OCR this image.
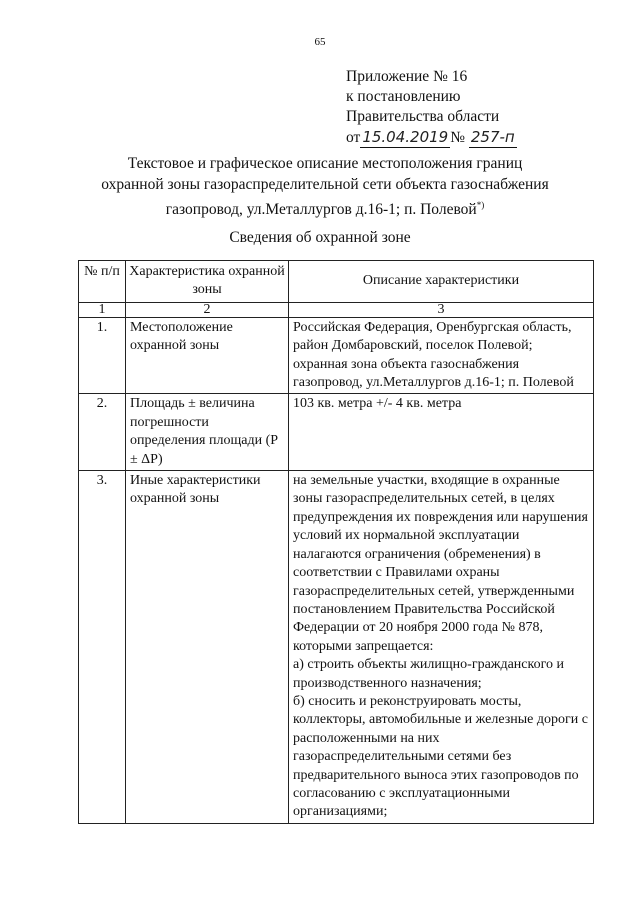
65
Приложение № 16
к постановлению
Правительства области
от 15.04.2019 № 257-п
Текстовое и графическое описание местоположения границ
охранной зоны газораспределительной сети объекта газоснабжения
газопровод, ул.Металлургов д.16-1; п. Полевой*)
Сведения об охранной зоне
№ п/п	Характеристика охранной зоны	Описание характеристики
1	2	3
1.	Местоположение охранной зоны	Российская Федерация, Оренбургская область, район Домбаровский, поселок Полевой;
охранная зона объекта газоснабжения газопровод, ул.Металлургов д.16-1; п. Полевой

2.	Площадь ± величина погрешности определения площади (Р ± ΔР)	103 кв. метра +/- 4 кв. метра

3.	Иные характеристики охранной зоны	на земельные участки, входящие в охранные зоны газораспределительных сетей, в целях предупреждения их повреждения или нарушения условий их нормальной эксплуатации налагаются ограничения (обременения) в соответствии с Правилами охраны газораспределительных сетей, утвержденными постановлением Правительства Российской Федерации от 20 ноября 2000 года № 878, которыми запрещается:
а) строить объекты жилищно-гражданского и производственного назначения;
б) сносить и реконструировать мосты, коллекторы, автомобильные и железные дороги с расположенными на них газораспределительными сетями без предварительного выноса этих газопроводов по согласованию с эксплуатационными организациями;
